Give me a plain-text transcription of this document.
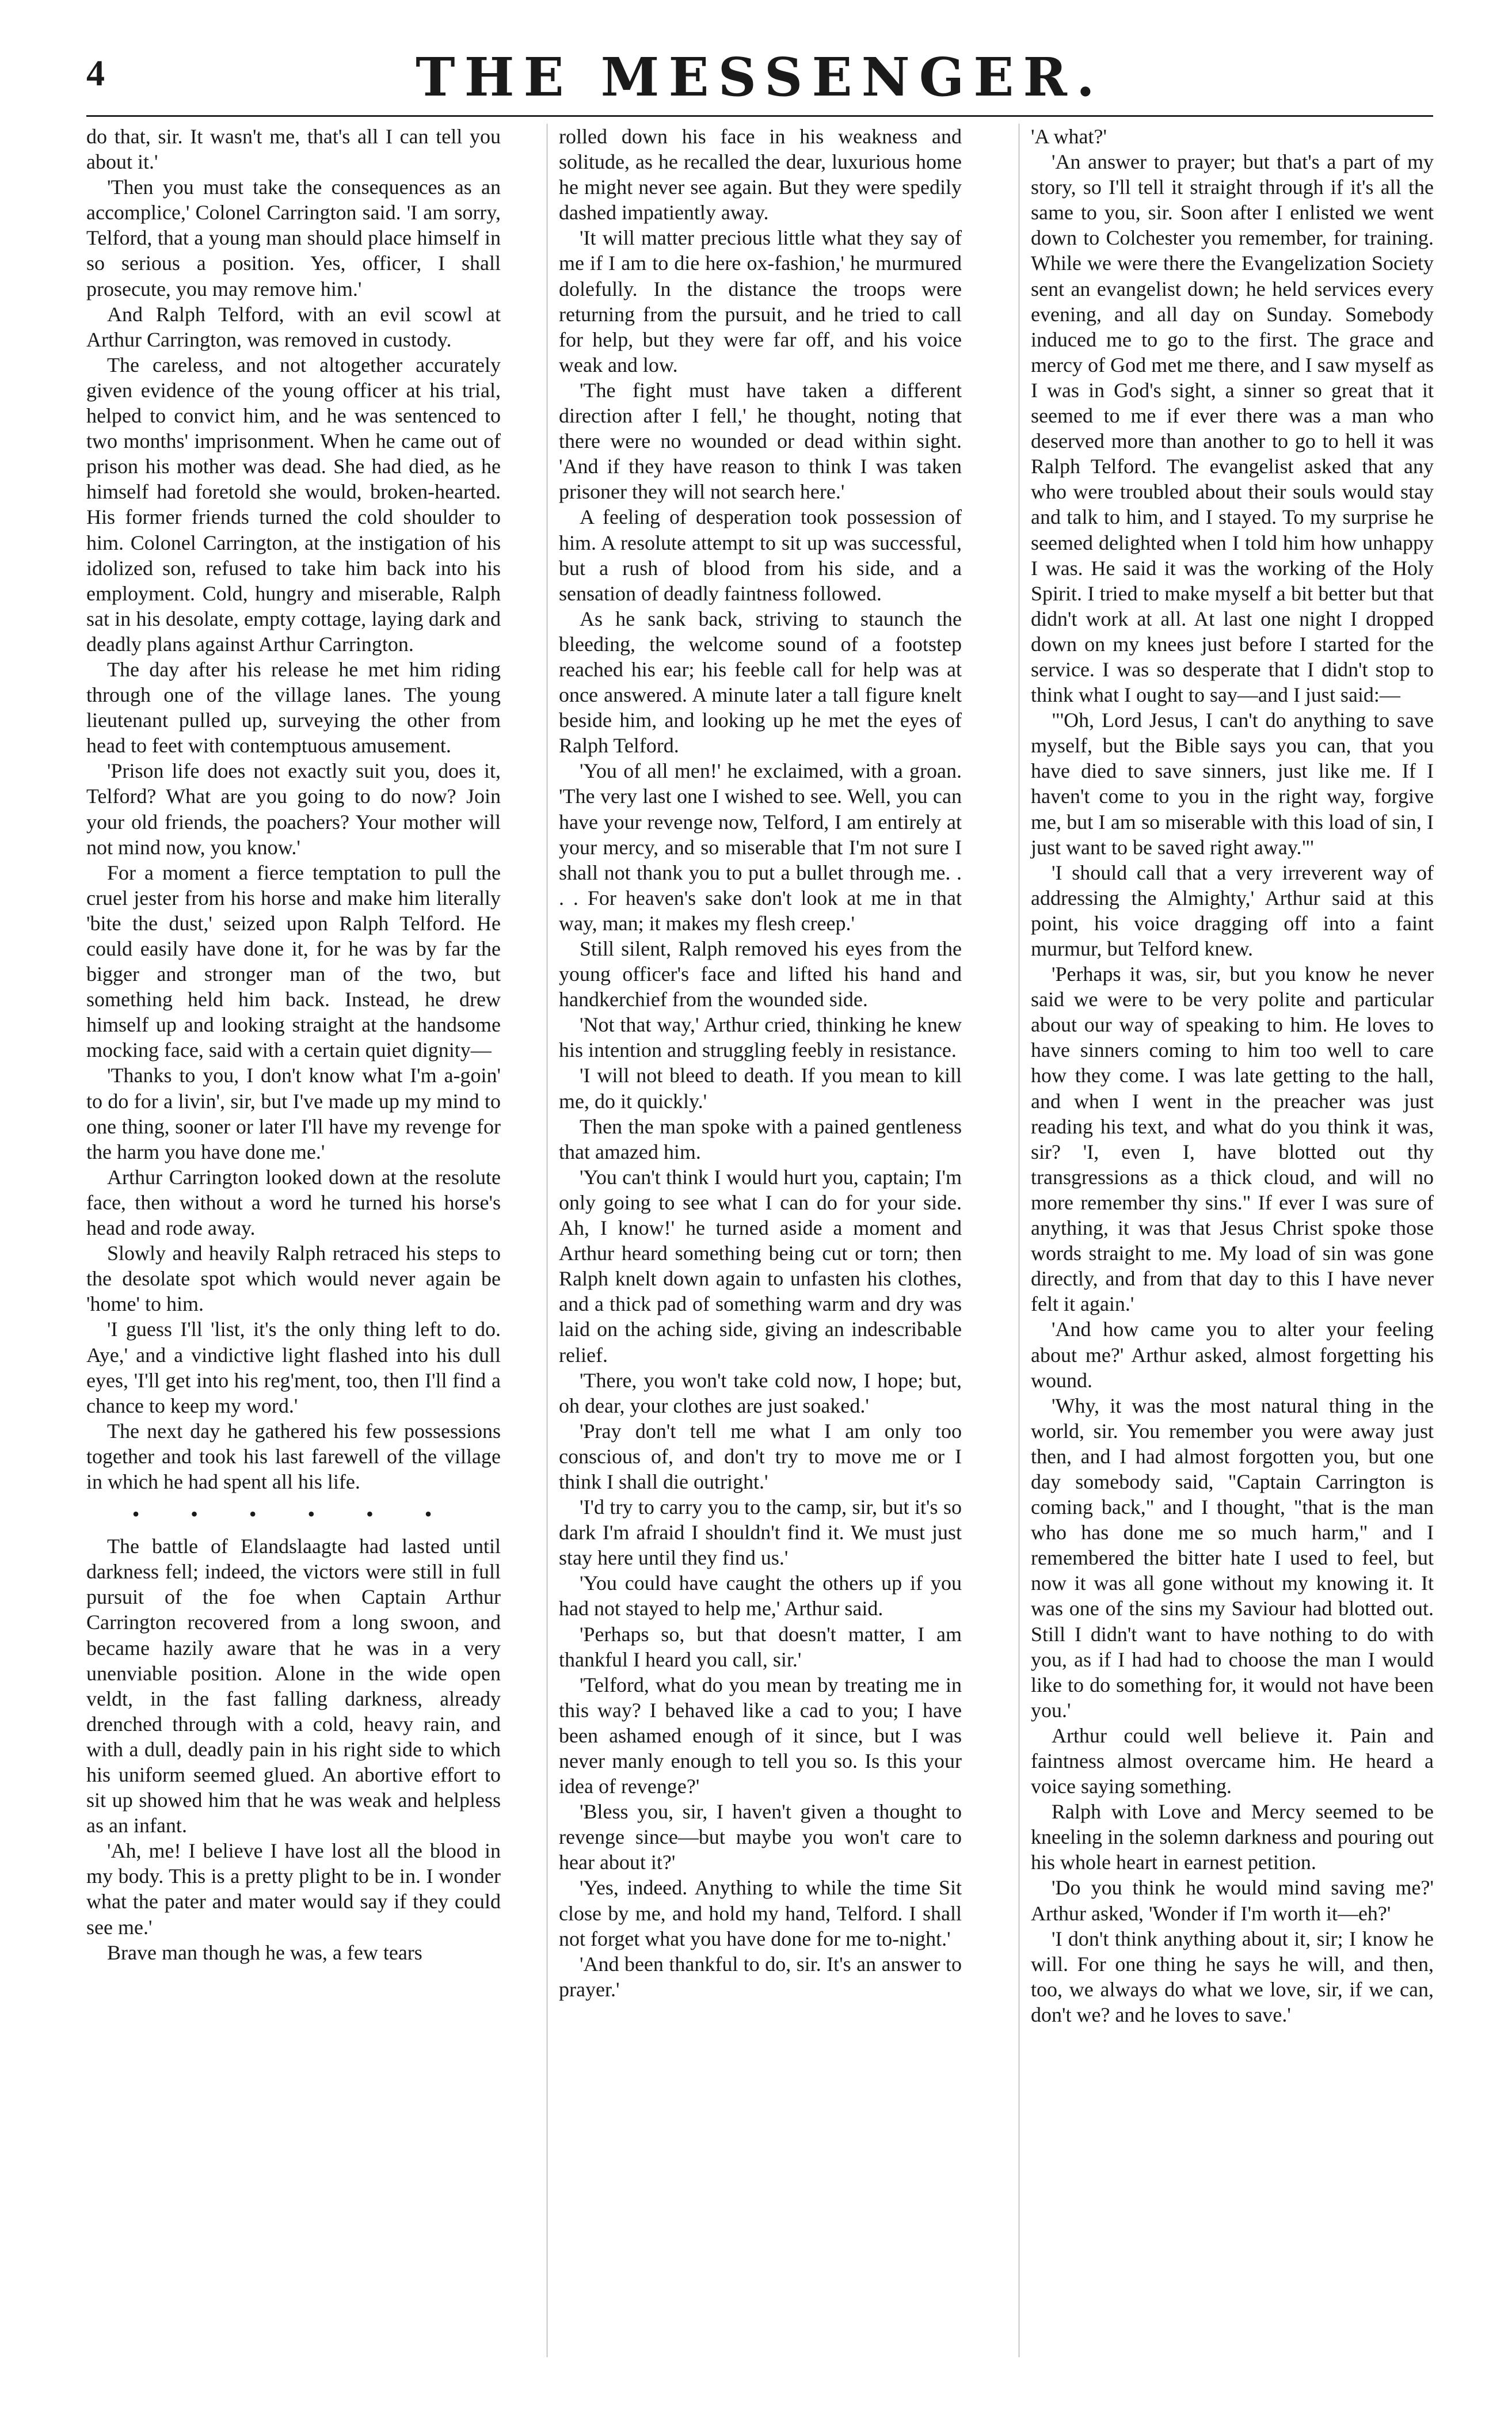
4	THE MESSENGER.

do that, sir. It wasn't me, that's all I can tell you about it.'

'Then you must take the consequences as an accomplice,' Colonel Carrington said. 'I am sorry, Telford, that a young man should place himself in so serious a position. Yes, officer, I shall prosecute, you may remove him.'

And Ralph Telford, with an evil scowl at Arthur Carrington, was removed in custody.

The careless, and not altogether accurately given evidence of the young officer at his trial, helped to convict him, and he was sentenced to two months' imprisonment. When he came out of prison his mother was dead. She had died, as he himself had foretold she would, broken-hearted. His former friends turned the cold shoulder to him. Colonel Carrington, at the instigation of his idolized son, refused to take him back into his employment. Cold, hungry and miserable, Ralph sat in his desolate, empty cottage, laying dark and deadly plans against Arthur Carrington.

The day after his release he met him riding through one of the village lanes. The young lieutenant pulled up, surveying the other from head to feet with contemptuous amusement.

'Prison life does not exactly suit you, does it, Telford? What are you going to do now? Join your old friends, the poachers? Your mother will not mind now, you know.'

For a moment a fierce temptation to pull the cruel jester from his horse and make him literally 'bite the dust,' seized upon Ralph Telford. He could easily have done it, for he was by far the bigger and stronger man of the two, but something held him back. Instead, he drew himself up and looking straight at the handsome mocking face, said with a certain quiet dignity—

'Thanks to you, I don't know what I'm a-goin' to do for a livin', sir, but I've made up my mind to one thing, sooner or later I'll have my revenge for the harm you have done me.'

Arthur Carrington looked down at the resolute face, then without a word he turned his horse's head and rode away.

Slowly and heavily Ralph retraced his steps to the desolate spot which would never again be 'home' to him.

'I guess I'll 'list, it's the only thing left to do. Aye,' and a vindictive light flashed into his dull eyes, 'I'll get into his reg'ment, too, then I'll find a chance to keep my word.'

The next day he gathered his few possessions together and took his last farewell of the village in which he had spent all his life.

• • • • • •

The battle of Elandslaagte had lasted until darkness fell; indeed, the victors were still in full pursuit of the foe when Captain Arthur Carrington recovered from a long swoon, and became hazily aware that he was in a very unenviable position. Alone in the wide open veldt, in the fast falling darkness, already drenched through with a cold, heavy rain, and with a dull, deadly pain in his right side to which his uniform seemed glued. An abortive effort to sit up showed him that he was weak and helpless as an infant.

'Ah, me! I believe I have lost all the blood in my body. This is a pretty plight to be in. I wonder what the pater and mater would say if they could see me.'

Brave man though he was, a few tears

rolled down his face in his weakness and solitude, as he recalled the dear, luxurious home he might never see again. But they were spedily dashed impatiently away.

'It will matter precious little what they say of me if I am to die here ox-fashion,' he murmured dolefully. In the distance the troops were returning from the pursuit, and he tried to call for help, but they were far off, and his voice weak and low.

'The fight must have taken a different direction after I fell,' he thought, noting that there were no wounded or dead within sight. 'And if they have reason to think I was taken prisoner they will not search here.'

A feeling of desperation took possession of him. A resolute attempt to sit up was successful, but a rush of blood from his side, and a sensation of deadly faintness followed.

As he sank back, striving to staunch the bleeding, the welcome sound of a footstep reached his ear; his feeble call for help was at once answered. A minute later a tall figure knelt beside him, and looking up he met the eyes of Ralph Telford.

'You of all men!' he exclaimed, with a groan. 'The very last one I wished to see. Well, you can have your revenge now, Telford, I am entirely at your mercy, and so miserable that I'm not sure I shall not thank you to put a bullet through me. . . . For heaven's sake don't look at me in that way, man; it makes my flesh creep.'

Still silent, Ralph removed his eyes from the young officer's face and lifted his hand and handkerchief from the wounded side.

'Not that way,' Arthur cried, thinking he knew his intention and struggling feebly in resistance.

'I will not bleed to death. If you mean to kill me, do it quickly.'

Then the man spoke with a pained gentleness that amazed him.

'You can't think I would hurt you, captain; I'm only going to see what I can do for your side. Ah, I know!' he turned aside a moment and Arthur heard something being cut or torn; then Ralph knelt down again to unfasten his clothes, and a thick pad of something warm and dry was laid on the aching side, giving an indescribable relief.

'There, you won't take cold now, I hope; but, oh dear, your clothes are just soaked.'

'Pray don't tell me what I am only too conscious of, and don't try to move me or I think I shall die outright.'

'I'd try to carry you to the camp, sir, but it's so dark I'm afraid I shouldn't find it. We must just stay here until they find us.'

'You could have caught the others up if you had not stayed to help me,' Arthur said.

'Perhaps so, but that doesn't matter, I am thankful I heard you call, sir.'

'Telford, what do you mean by treating me in this way? I behaved like a cad to you; I have been ashamed enough of it since, but I was never manly enough to tell you so. Is this your idea of revenge?'

'Bless you, sir, I haven't given a thought to revenge since—but maybe you won't care to hear about it?'

'Yes, indeed. Anything to while the time Sit close by me, and hold my hand, Telford. I shall not forget what you have done for me to-night.'

'And been thankful to do, sir. It's an answer to prayer.'

'A what?'

'An answer to prayer; but that's a part of my story, so I'll tell it straight through if it's all the same to you, sir. Soon after I enlisted we went down to Colchester you remember, for training. While we were there the Evangelization Society sent an evangelist down; he held services every evening, and all day on Sunday. Somebody induced me to go to the first. The grace and mercy of God met me there, and I saw myself as I was in God's sight, a sinner so great that it seemed to me if ever there was a man who deserved more than another to go to hell it was Ralph Telford. The evangelist asked that any who were troubled about their souls would stay and talk to him, and I stayed. To my surprise he seemed delighted when I told him how unhappy I was. He said it was the working of the Holy Spirit. I tried to make myself a bit better but that didn't work at all. At last one night I dropped down on my knees just before I started for the service. I was so desperate that I didn't stop to think what I ought to say—and I just said:—

"'Oh, Lord Jesus, I can't do anything to save myself, but the Bible says you can, that you have died to save sinners, just like me. If I haven't come to you in the right way, forgive me, but I am so miserable with this load of sin, I just want to be saved right away."'

'I should call that a very irreverent way of addressing the Almighty,' Arthur said at this point, his voice dragging off into a faint murmur, but Telford knew.

'Perhaps it was, sir, but you know he never said we were to be very polite and particular about our way of speaking to him. He loves to have sinners coming to him too well to care how they come. I was late getting to the hall, and when I went in the preacher was just reading his text, and what do you think it was, sir? 'I, even I, have blotted out thy transgressions as a thick cloud, and will no more remember thy sins." If ever I was sure of anything, it was that Jesus Christ spoke those words straight to me. My load of sin was gone directly, and from that day to this I have never felt it again.'

'And how came you to alter your feeling about me?' Arthur asked, almost forgetting his wound.

'Why, it was the most natural thing in the world, sir. You remember you were away just then, and I had almost forgotten you, but one day somebody said, "Captain Carrington is coming back," and I thought, "that is the man who has done me so much harm," and I remembered the bitter hate I used to feel, but now it was all gone without my knowing it. It was one of the sins my Saviour had blotted out. Still I didn't want to have nothing to do with you, as if I had had to choose the man I would like to do something for, it would not have been you.'

Arthur could well believe it. Pain and faintness almost overcame him. He heard a voice saying something.

Ralph with Love and Mercy seemed to be kneeling in the solemn darkness and pouring out his whole heart in earnest petition.

'Do you think he would mind saving me?' Arthur asked, 'Wonder if I'm worth it—eh?'

'I don't think anything about it, sir; I know he will. For one thing he says he will, and then, too, we always do what we love, sir, if we can, don't we? and he loves to save.'
